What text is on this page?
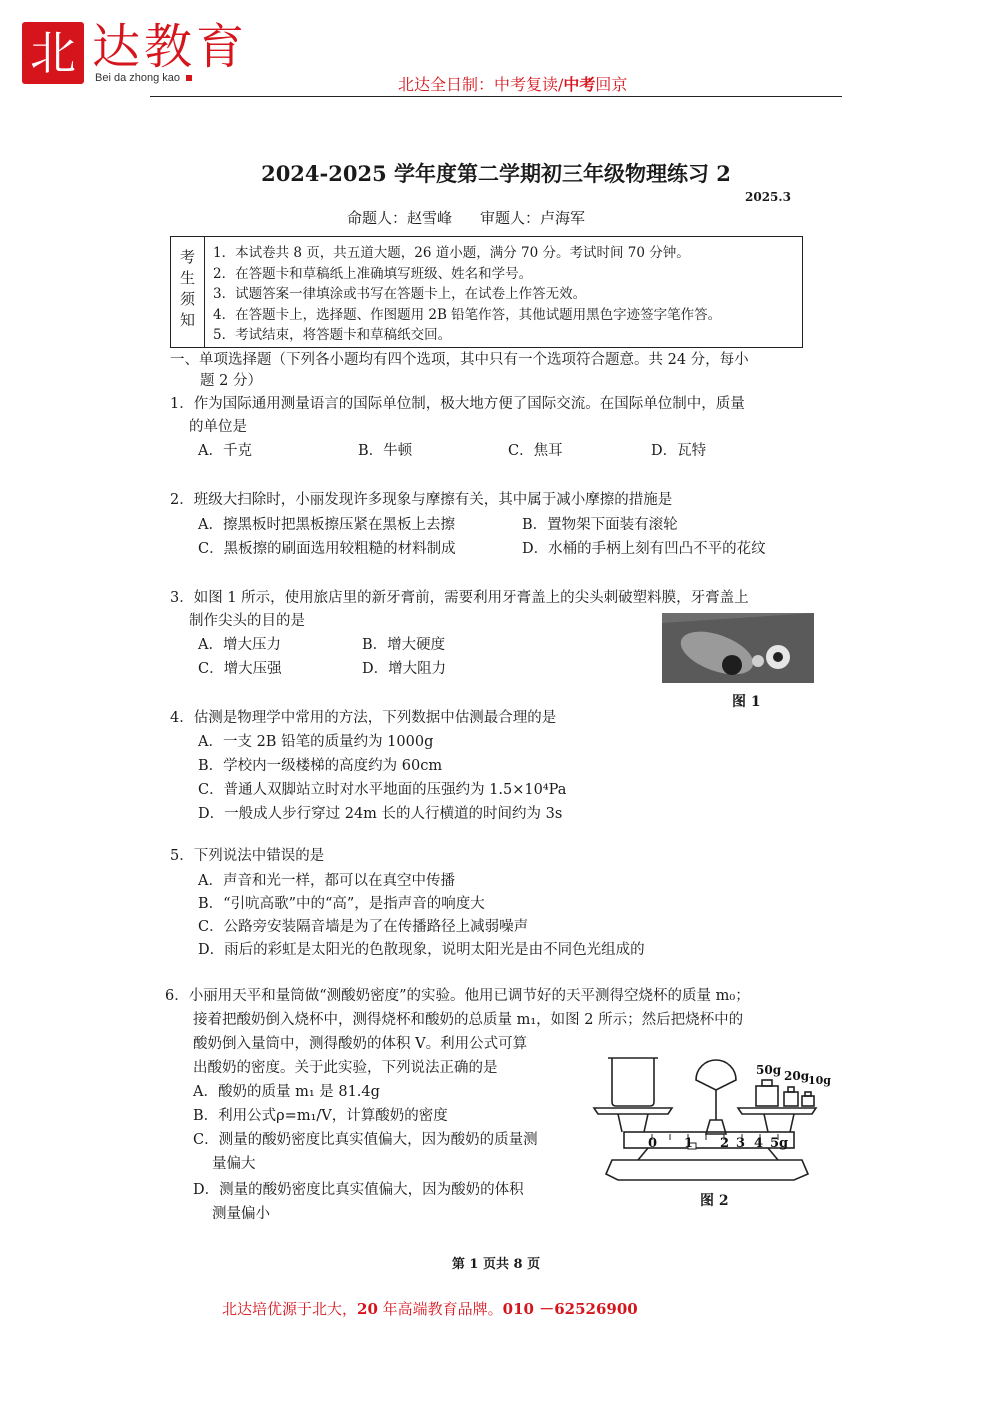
北 达教育
Bei da zhong kao	北达全日制：中考复读/中考回京
2024-2025 学年度第二学期初三年级物理练习 2
2025.3
命题人：赵雪峰 审题人：卢海军
考
生
须
知
1．本试卷共 8 页，共五道大题，26 道小题，满分 70 分。考试时间 70 分钟。
2．在答题卡和草稿纸上准确填写班级、姓名和学号。
3．试题答案一律填涂或书写在答题卡上，在试卷上作答无效。
4．在答题卡上，选择题、作图题用 2B 铅笔作答，其他试题用黑色字迹签字笔作答。
5．考试结束，将答题卡和草稿纸交回。
一、单项选择题（下列各小题均有四个选项，其中只有一个选项符合题意。共 24 分，每小
题 2 分）
1．作为国际通用测量语言的国际单位制，极大地方便了国际交流。在国际单位制中，质量
的单位是
A．千克	B．牛顿	C．焦耳	D．瓦特
2．班级大扫除时，小丽发现许多现象与摩擦有关，其中属于减小摩擦的措施是
A．擦黑板时把黑板擦压紧在黑板上去擦	B．置物架下面装有滚轮
C．黑板擦的刷面选用较粗糙的材料制成	D．水桶的手柄上刻有凹凸不平的花纹
3．如图 1 所示，使用旅店里的新牙膏前，需要利用牙膏盖上的尖头刺破塑料膜，牙膏盖上
制作尖头的目的是
A．增大压力	B．增大硬度
C．增大压强	D．增大阻力
图 1
4．估测是物理学中常用的方法，下列数据中估测最合理的是
A．一支 2B 铅笔的质量约为 1000g
B．学校内一级楼梯的高度约为 60cm
C．普通人双脚站立时对水平地面的压强约为 1.5×10⁴Pa
D．一般成人步行穿过 24m 长的人行横道的时间约为 3s
5．下列说法中错误的是
A．声音和光一样，都可以在真空中传播
B．“引吭高歌”中的“高”，是指声音的响度大
C．公路旁安装隔音墙是为了在传播路径上减弱噪声
D．雨后的彩虹是太阳光的色散现象，说明太阳光是由不同色光组成的
6．小丽用天平和量筒做“测酸奶密度”的实验。他用已调节好的天平测得空烧杯的质量 m₀；
接着把酸奶倒入烧杯中，测得烧杯和酸奶的总质量 m₁，如图 2 所示；然后把烧杯中的
酸奶倒入量筒中，测得酸奶的体积 V。利用公式可算
出酸奶的密度。关于此实验，下列说法正确的是
A．酸奶的质量 m₁ 是 81.4g
B．利用公式ρ=m₁/V，计算酸奶的密度
C．测量的酸奶密度比真实值偏大，因为酸奶的质量测
量偏大
D．测量的酸奶密度比真实值偏大，因为酸奶的体积
测量偏小
0 1 2 3 4 5g
50g 20g
10g
图 2
第 1 页共 8 页
北达培优源于北大，20 年高端教育品牌。010 －62526900
